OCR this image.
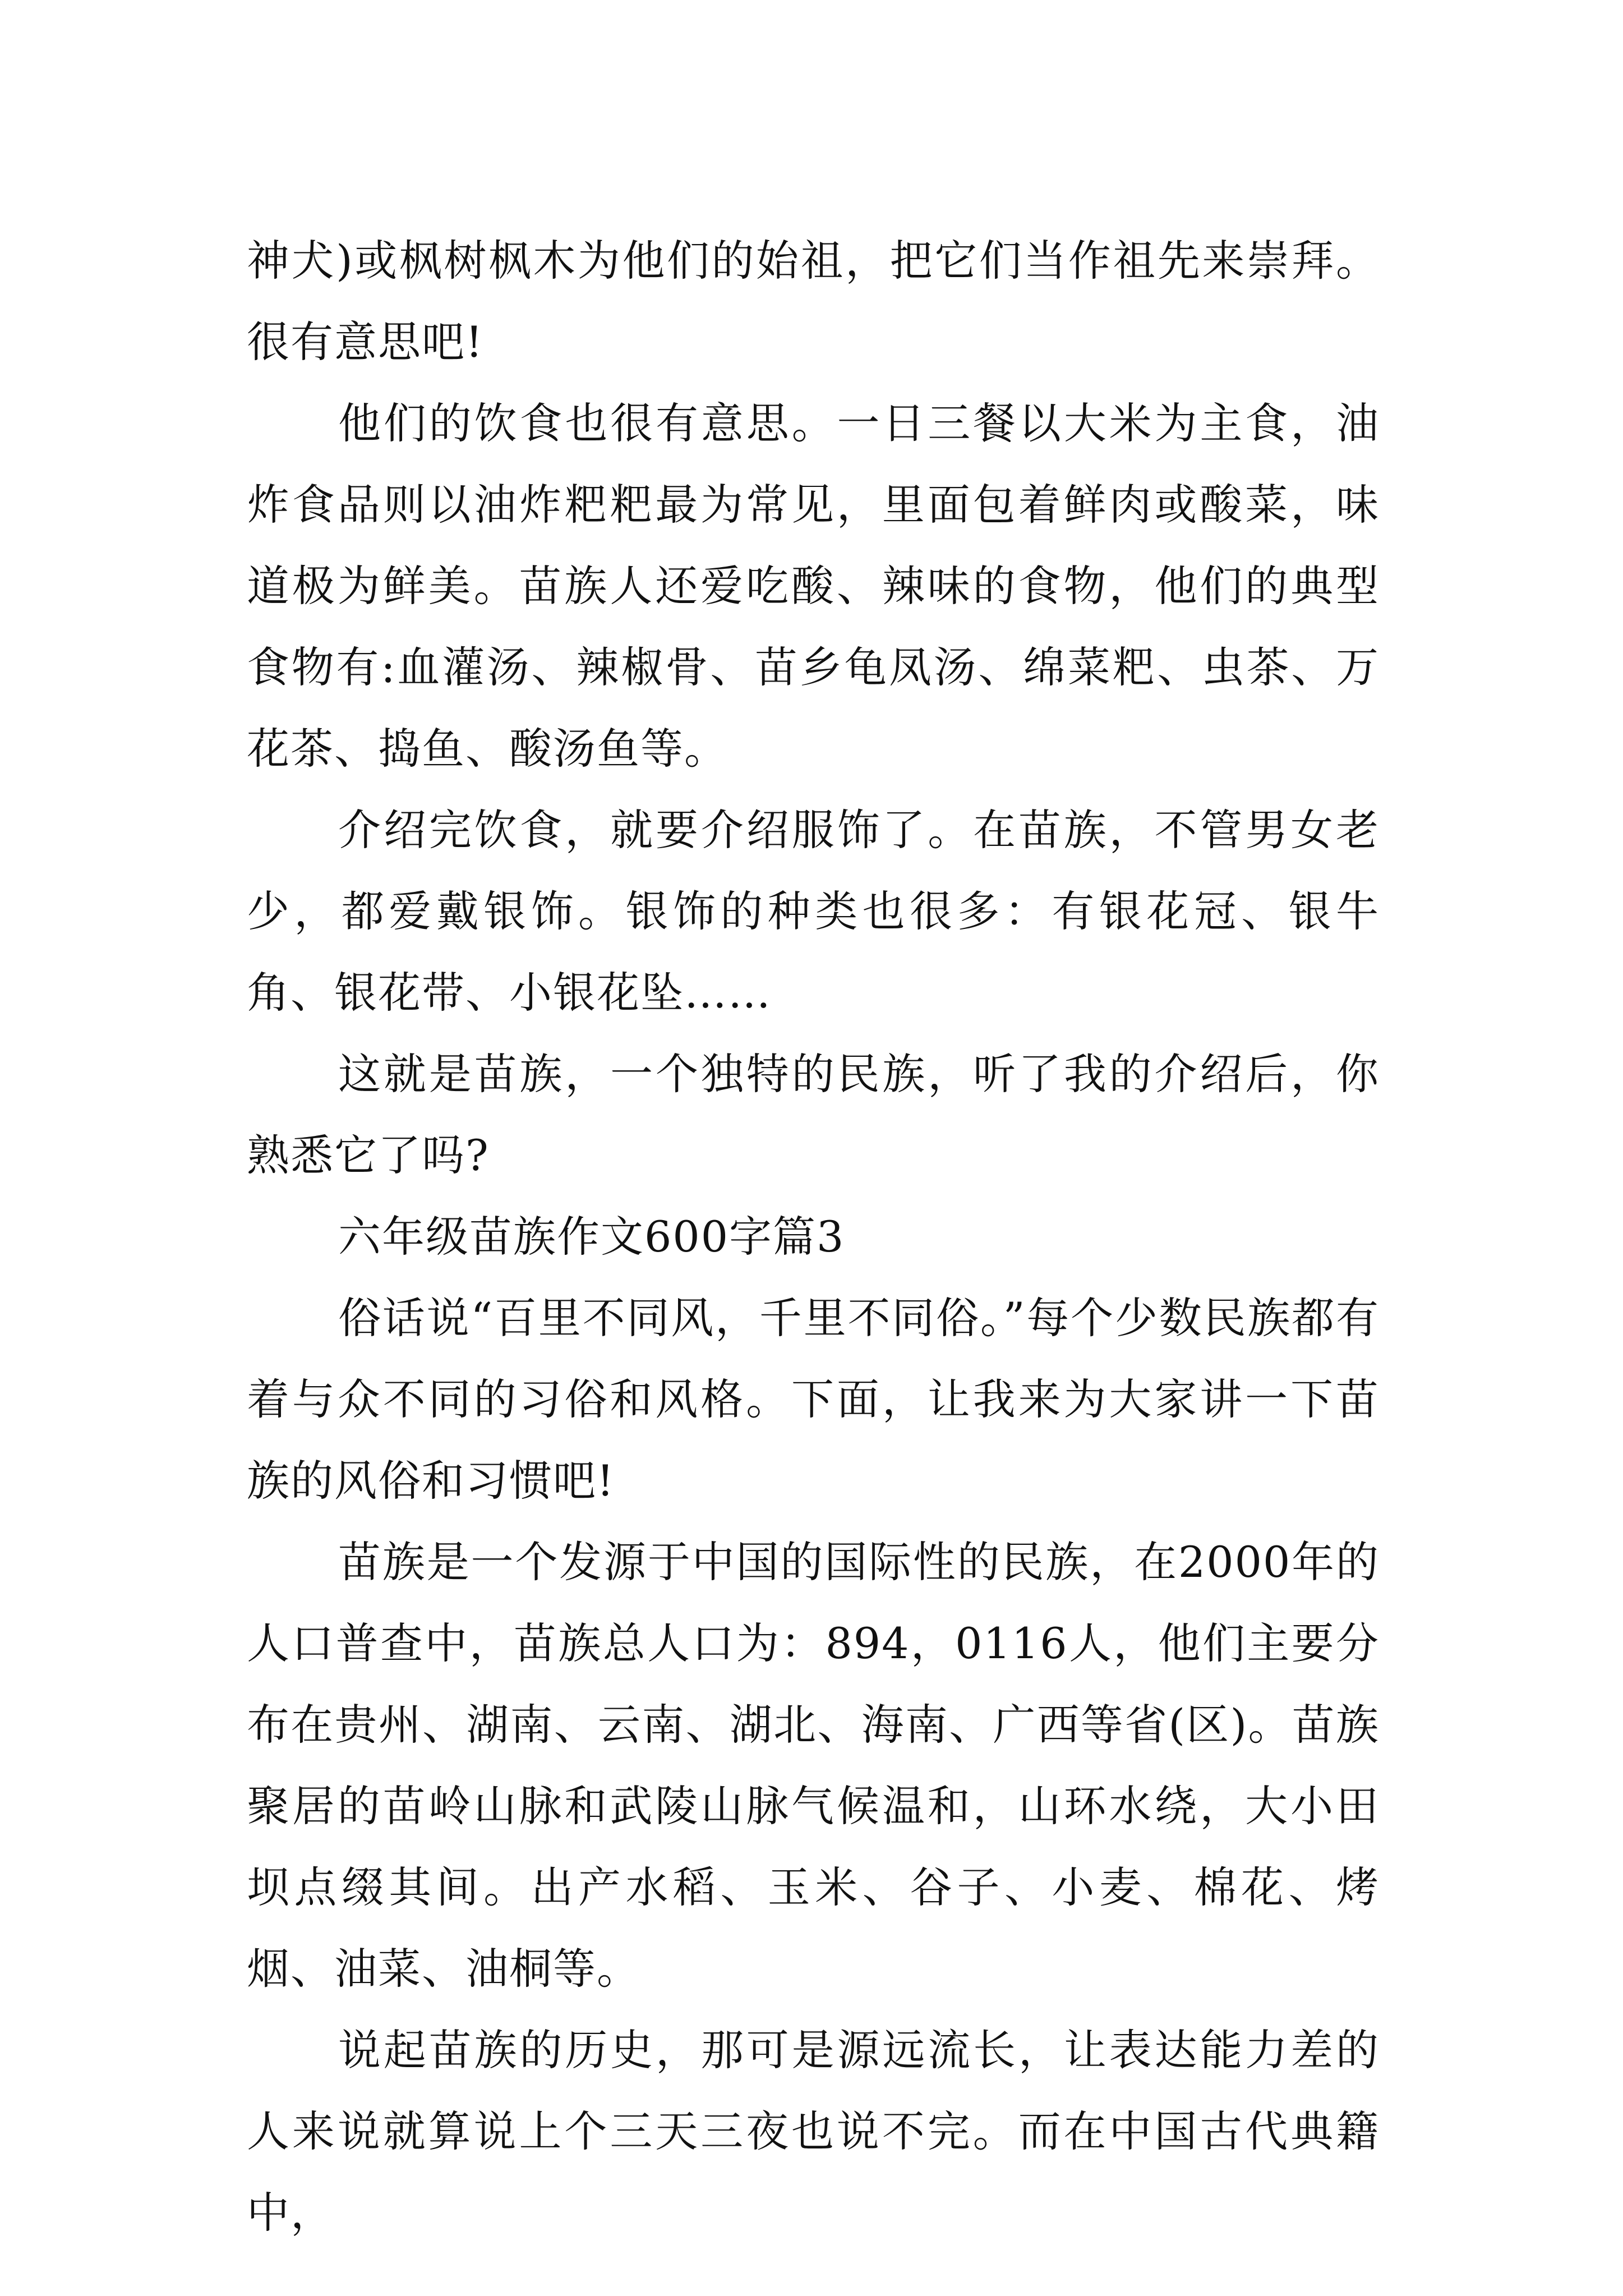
神犬)或枫树枫木为他们的始祖，把它们当作祖先来崇拜。很有意思吧!

他们的饮食也很有意思。一日三餐以大米为主食，油炸食品则以油炸粑粑最为常见，里面包着鲜肉或酸菜，味道极为鲜美。苗族人还爱吃酸、辣味的食物，他们的典型食物有:血灌汤、辣椒骨、苗乡龟凤汤、绵菜粑、虫茶、万花茶、捣鱼、酸汤鱼等。

介绍完饮食，就要介绍服饰了。在苗族，不管男女老少，都爱戴银饰。银饰的种类也很多：有银花冠、银牛角、银花带、小银花坠……

这就是苗族，一个独特的民族，听了我的介绍后，你熟悉它了吗?

六年级苗族作文600字篇3

俗话说“百里不同风，千里不同俗。”每个少数民族都有着与众不同的习俗和风格。下面，让我来为大家讲一下苗族的风俗和习惯吧!

苗族是一个发源于中国的国际性的民族，在2000年的人口普查中，苗族总人口为：894，0116人，他们主要分布在贵州、湖南、云南、湖北、海南、广西等省(区)。苗族聚居的苗岭山脉和武陵山脉气候温和，山环水绕，大小田坝点缀其间。出产水稻、玉米、谷子、小麦、棉花、烤烟、油菜、油桐等。

说起苗族的历史，那可是源远流长，让表达能力差的人来说就算说上个三天三夜也说不完。而在中国古代典籍中，
